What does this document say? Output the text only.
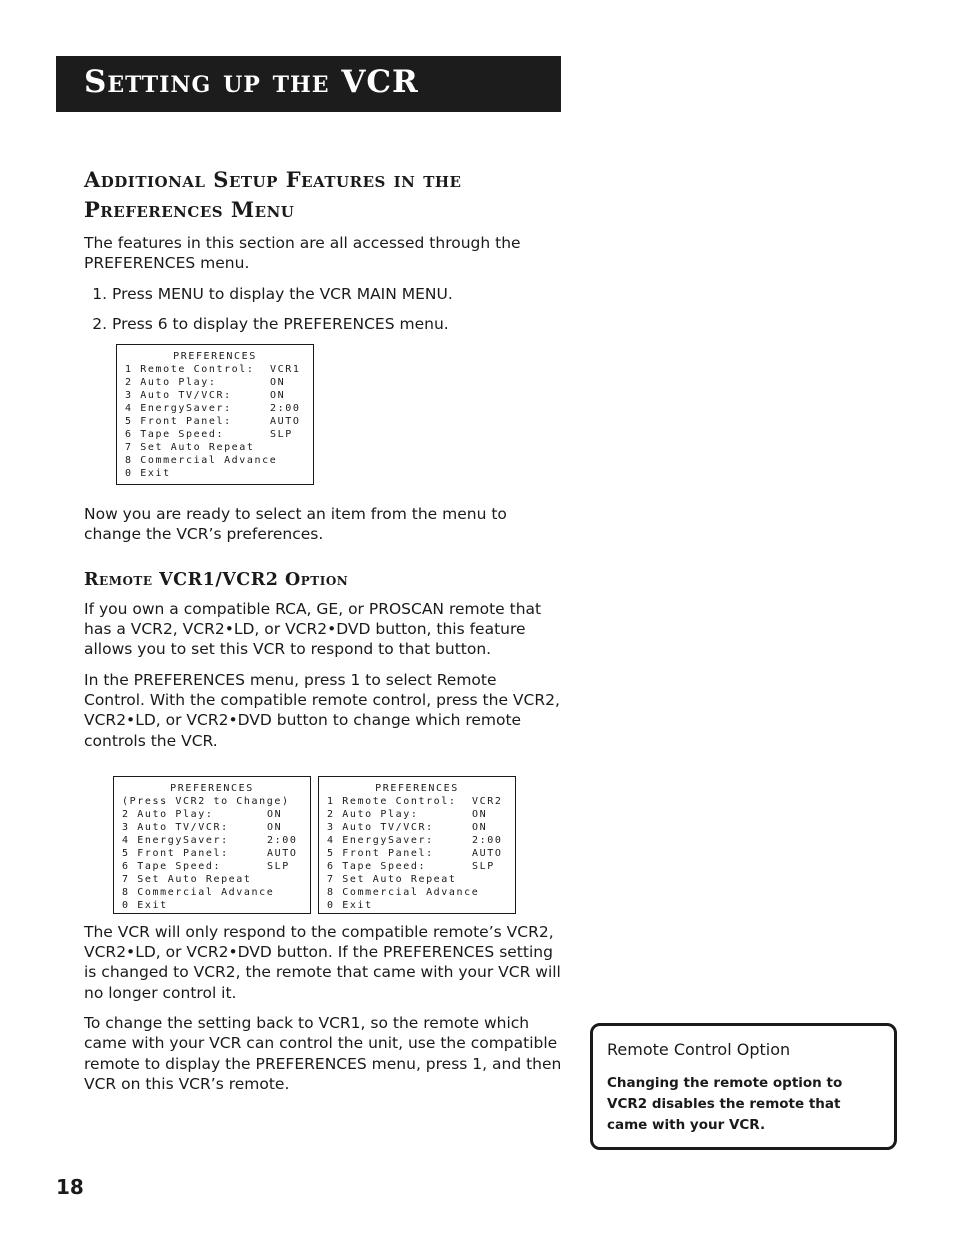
Setting up the VCR
Additional Setup Features in the Preferences Menu

The features in this section are all accessed through the PREFERENCES menu.

1. Press MENU to display the VCR MAIN MENU.
2. Press 6 to display the PREFERENCES menu.
PREFERENCES
1 Remote Control: VCR1
2 Auto Play:	ON
3 Auto TV/VCR:	ON
4 EnergySaver:	2:00
5 Front Panel:	AUTO
6 Tape Speed:	SLP
7 Set Auto Repeat
8 Commercial Advance
0 Exit

Now you are ready to select an item from the menu to change the VCR’s preferences.

Remote VCR1/VCR2 Option

If you own a compatible RCA, GE, or PROSCAN remote that has a VCR2, VCR2•LD, or VCR2•DVD button, this feature allows you to set this VCR to respond to that button.

In the PREFERENCES menu, press 1 to select Remote Control. With the compatible remote control, press the VCR2, VCR2•LD, or VCR2•DVD button to change which remote controls the VCR.

PREFERENCES
(Press VCR2 to Change)
2 Auto Play:	ON
3 Auto TV/VCR:	ON
4 EnergySaver:	2:00
5 Front Panel:	AUTO
6 Tape Speed:	SLP
7 Set Auto Repeat
8 Commercial Advance
0 Exit
PREFERENCES
1 Remote Control: VCR2
2 Auto Play:	ON
3 Auto TV/VCR:	ON
4 EnergySaver:	2:00
5 Front Panel:	AUTO
6 Tape Speed:	SLP
7 Set Auto Repeat
8 Commercial Advance
0 Exit

The VCR will only respond to the compatible remote’s VCR2, VCR2•LD, or VCR2•DVD button. If the PREFERENCES setting is changed to VCR2, the remote that came with your VCR will no longer control it.

To change the setting back to VCR1, so the remote which came with your VCR can control the unit, use the compatible remote to display the PREFERENCES menu, press 1, and then VCR on this VCR’s remote.

Remote Control Option
Changing the remote option to VCR2 disables the remote that came with your VCR.
18
